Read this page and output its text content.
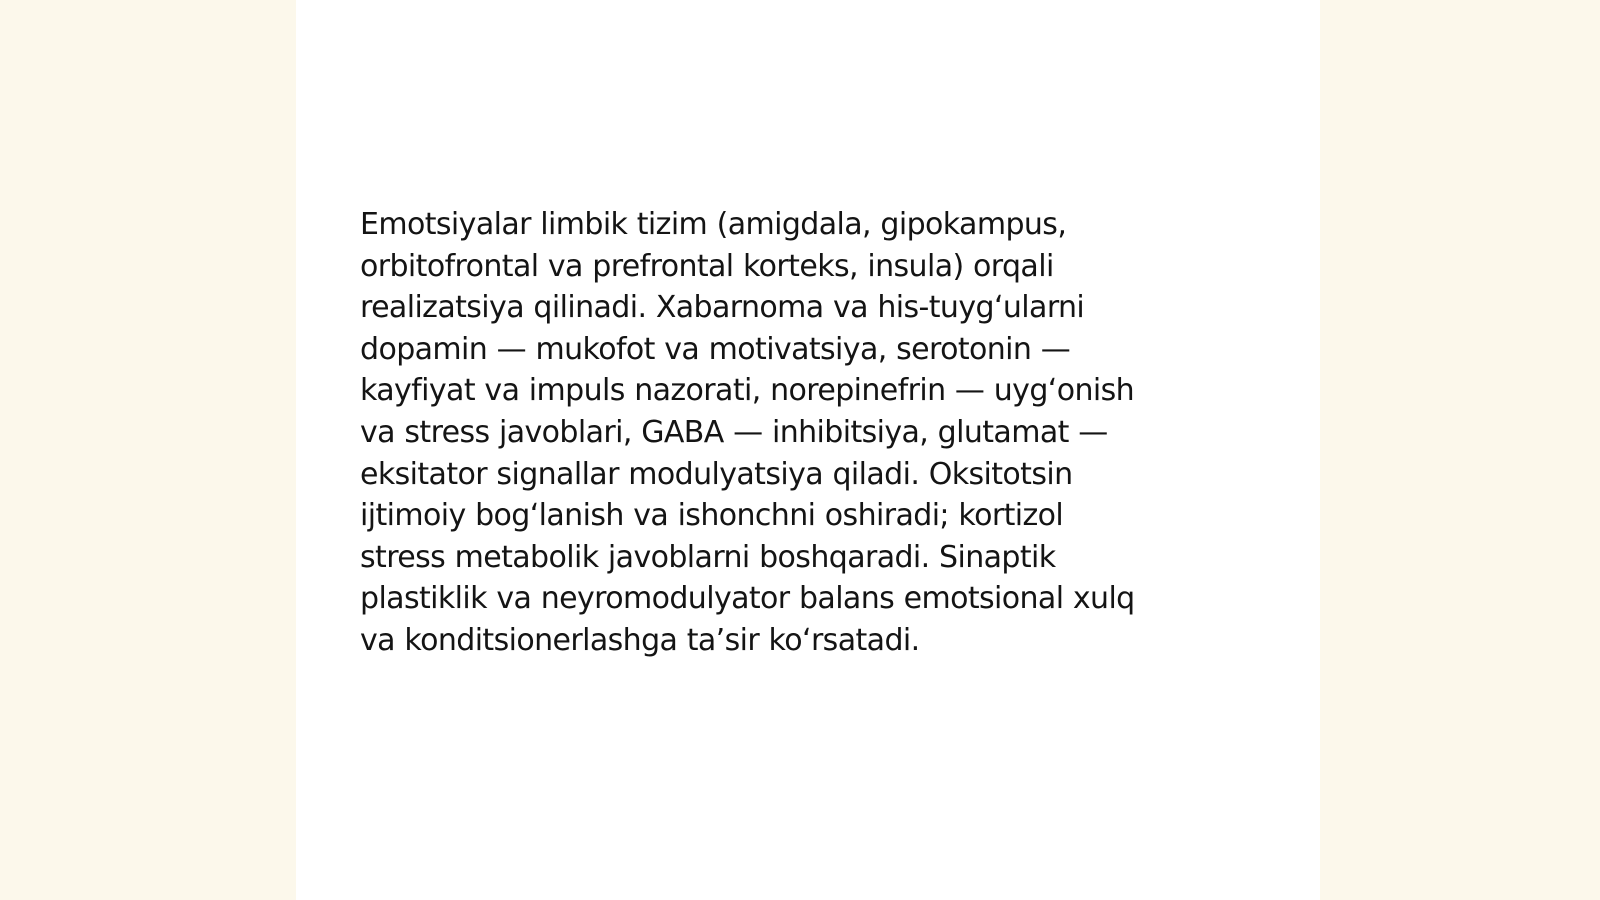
Emotsiyalar limbik tizim (amigdala, gipokampus,
orbitofrontal va prefrontal korteks, insula) orqali
realizatsiya qilinadi. Xabarnoma va his-tuygʻularni
dopamin — mukofot va motivatsiya, serotonin —
kayfiyat va impuls nazorati, norepinefrin — uygʻonish
va stress javoblari, GABA — inhibitsiya, glutamat —
eksitator signallar modulyatsiya qiladi. Oksitotsin
ijtimoiy bogʻlanish va ishonchni oshiradi; kortizol
stress metabolik javoblarni boshqaradi. Sinaptik
plastiklik va neyromodulyator balans emotsional xulq
va konditsionerlashga taʼsir koʻrsatadi.
